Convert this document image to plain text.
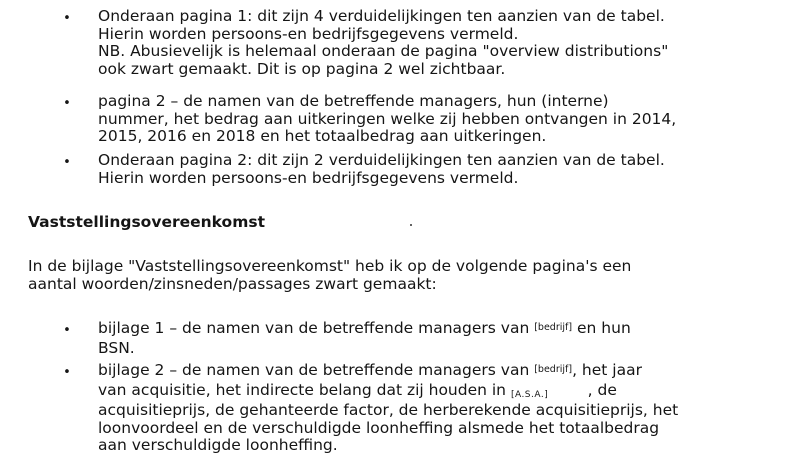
• Onderaan pagina 1: dit zijn 4 verduidelijkingen ten aanzien van de tabel.
Hierin worden persoons-en bedrijfsgegevens vermeld.
NB. Abusievelijk is helemaal onderaan de pagina "overview distributions"
ook zwart gemaakt. Dit is op pagina 2 wel zichtbaar.
• pagina 2 – de namen van de betreffende managers, hun (interne)
nummer, het bedrag aan uitkeringen welke zij hebben ontvangen in 2014,
2015, 2016 en 2018 en het totaalbedrag aan uitkeringen.
• Onderaan pagina 2: dit zijn 2 verduidelijkingen ten aanzien van de tabel.
Hierin worden persoons-en bedrijfsgegevens vermeld.
Vaststellingsovereenkomst
In de bijlage "Vaststellingsovereenkomst" heb ik op de volgende pagina's een
aantal woorden/zinsneden/passages zwart gemaakt:
• bijlage 1 – de namen van de betreffende managers van [bedrijf] en hun
BSN.
• bijlage 2 – de namen van de betreffende managers van [bedrijf], het jaar
van acquisitie, het indirecte belang dat zij houden in [A.S.A.]        , de
acquisitieprijs, de gehanteerde factor, de herberekende acquisitieprijs, het
loonvoordeel en de verschuldigde loonheffing alsmede het totaalbedrag
aan verschuldigde loonheffing.
